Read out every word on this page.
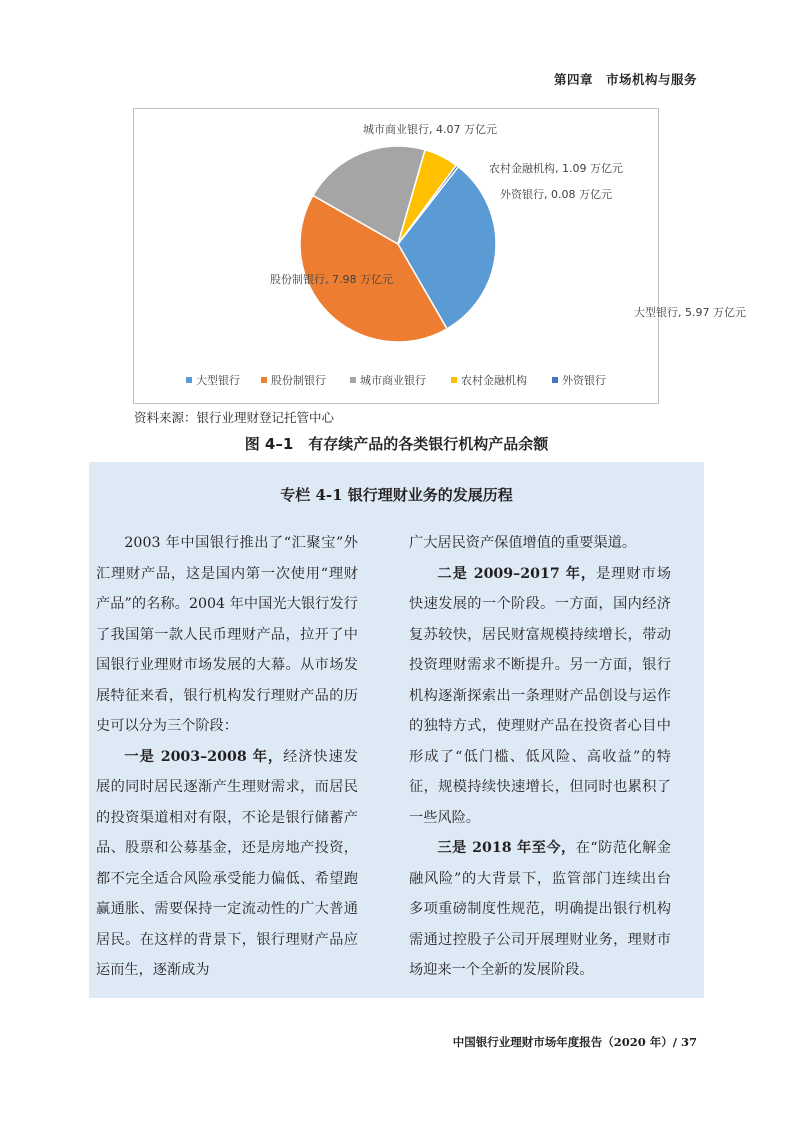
第四章　市场机构与服务
大型银行, 5.97 万亿元
股份制银行, 7.98 万亿元
城市商业银行, 4.07 万亿元
农村金融机构, 1.09 万亿元
外资银行, 0.08 万亿元
大型银行	股份制银行	城市商业银行	农村金融机构	外资银行
资料来源：银行业理财登记托管中心
图 4–1　有存续产品的各类银行机构产品余额
专栏 4-1 银行理财业务的发展历程

2003 年中国银行推出了“汇聚宝”外汇理财产品，这是国内第一次使用“理财产品”的名称。2004 年中国光大银行发行了我国第一款人民币理财产品，拉开了中国银行业理财市场发展的大幕。从市场发展特征来看，银行机构发行理财产品的历史可以分为三个阶段：

一是 2003–2008 年，经济快速发展的同时居民逐渐产生理财需求，而居民的投资渠道相对有限，不论是银行储蓄产品、股票和公募基金，还是房地产投资，都不完全适合风险承受能力偏低、希望跑赢通胀、需要保持一定流动性的广大普通居民。在这样的背景下，银行理财产品应运而生，逐渐成为

广大居民资产保值增值的重要渠道。

二是 2009–2017 年，是理财市场快速发展的一个阶段。一方面，国内经济复苏较快，居民财富规模持续增长，带动投资理财需求不断提升。另一方面，银行机构逐渐探索出一条理财产品创设与运作的独特方式，使理财产品在投资者心目中形成了“低门槛、低风险、高收益”的特征，规模持续快速增长，但同时也累积了一些风险。

三是 2018 年至今，在“防范化解金融风险”的大背景下，监管部门连续出台多项重磅制度性规范，明确提出银行机构需通过控股子公司开展理财业务，理财市场迎来一个全新的发展阶段。

中国银行业理财市场年度报告（2020 年）/ 37
